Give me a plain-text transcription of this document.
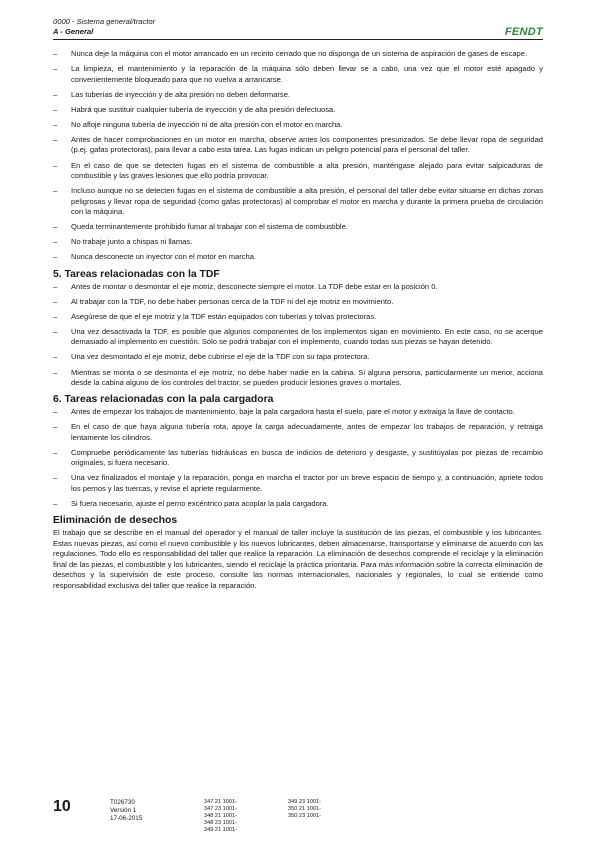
0000 - Sistema general/tractor
A - General	FENDT
– Nunca deje la máquina con el motor arrancado en un recinto cerrado que no disponga de un sistema de aspiración de gases de escape.
– La limpieza, el mantenimiento y la reparación de la máquina sólo deben llevar se a cabo, una vez que el motor esté apagado y convenientemente bloqueado para que no vuelva a arrancarse.
– Las tuberías de inyección y de alta presión no deben deformarse.
– Habrá que sustituir cualquier tubería de inyección y de alta presión defectuosa.
– No afloje ninguna tubería de inyección ni de alta presión con el motor en marcha.
– Antes de hacer comprobaciones en un motor en marcha, observe antes los componentes presurizados. Se debe llevar ropa de seguridad (p.ej. gafas protectoras), para llevar a cabo esta tarea. Las fugas indican un peligro potencial para el personal del taller.
– En el caso de que se detecten fugas en el sistema de combustible a alta presión, manténgase alejado para evitar salpicaduras de combustible y las graves lesiones que ello podría provocar.
– Incluso aunque no se detecten fugas en el sistema de combustible a alta presión, el personal del taller debe evitar situarse en dichas zonas peligrosas y llevar ropa de seguridad (como gafas protectoras) al comprobar el motor en marcha y durante la primera prueba de circulación con la máquina.
– Queda terminantemente prohibido fumar al trabajar con el sistema de combustible.
– No trabaje junto a chispas ni llamas.
– Nunca desconecte un inyector con el motor en marcha.
5. Tareas relacionadas con la TDF
– Antes de montar o desmontar el eje motriz, desconecte siempre el motor. La TDF debe estar en la posición 0.
– Al trabajar con la TDF, no debe haber personas cerca de la TDF ni del eje motriz en movimiento.
– Asegúrese de que el eje motriz y la TDF están equipados con tuberías y tolvas protectoras.
– Una vez desactivada la TDF, es posible que algunos componentes de los implementos sigan en movimiento. En este caso, no se acerque demasiado al implemento en cuestión. Sólo se podrá trabajar con el implemento, cuando todas sus piezas se hayan detenido.
– Una vez desmontado el eje motriz, debe cubrirse el eje de la TDF con su tapa protectora.
– Mientras se monta o se desmonta el eje motriz, no debe haber nadie en la cabina. Si alguna persona, particularmente un menor, acciona desde la cabina alguno de los controles del tractor, se pueden producir lesiones graves o mortales.
6. Tareas relacionadas con la pala cargadora
– Antes de empezar los trabajos de mantenimiento, baje la pala cargadora hasta el suelo, pare el motor y extraiga la llave de contacto.
– En el caso de que haya alguna tubería rota, apoye la carga adecuadamente, antes de empezar los trabajos de reparación, y retraiga lentamente los cilindros.
– Compruebe periódicamente las tuberías hidráulicas en busca de indicios de deterioro y desgaste, y sustitúyalas por piezas de recambio originales, si fuera necesario.
– Una vez finalizados el montaje y la reparación, ponga en marcha el tractor por un breve espacio de tiempo y, a continuación, apriete todos los pernos y las tuercas, y revise el apriete regularmente.
– Si fuera necesario, ajuste el perno excéntrico para acoplar la pala cargadora.
Eliminación de desechos

El trabajo que se describe en el manual del operador y el manual de taller incluye la sustitución de las piezas, el combustible y los lubricantes. Estas nuevas piezas, así como el nuevo combustible y los nuevos lubricantes, deben almacenarse, transportarse y eliminarse de acuerdo con las regulaciones. Todo ello es responsabilidad del taller que realice la reparación. La eliminación de desechos comprende el reciclaje y la eliminación final de las piezas, el combustible y los lubricantes, siendo el reciclaje la práctica prioritaria. Para más información sobre la correcta eliminación de desechos y la supervisión de este proceso, consulte las normas internacionales, nacionales y regionales, lo cual se entiende como responsabilidad exclusiva del taller que realice la reparación.

10	T026730
Versión 1
17-06-2015
347 21 1001-
347 23 1001-
348 21 1001-
348 23 1001-
349 21 1001-
349 23 1001-
350 21 1001-
350 23 1001-
